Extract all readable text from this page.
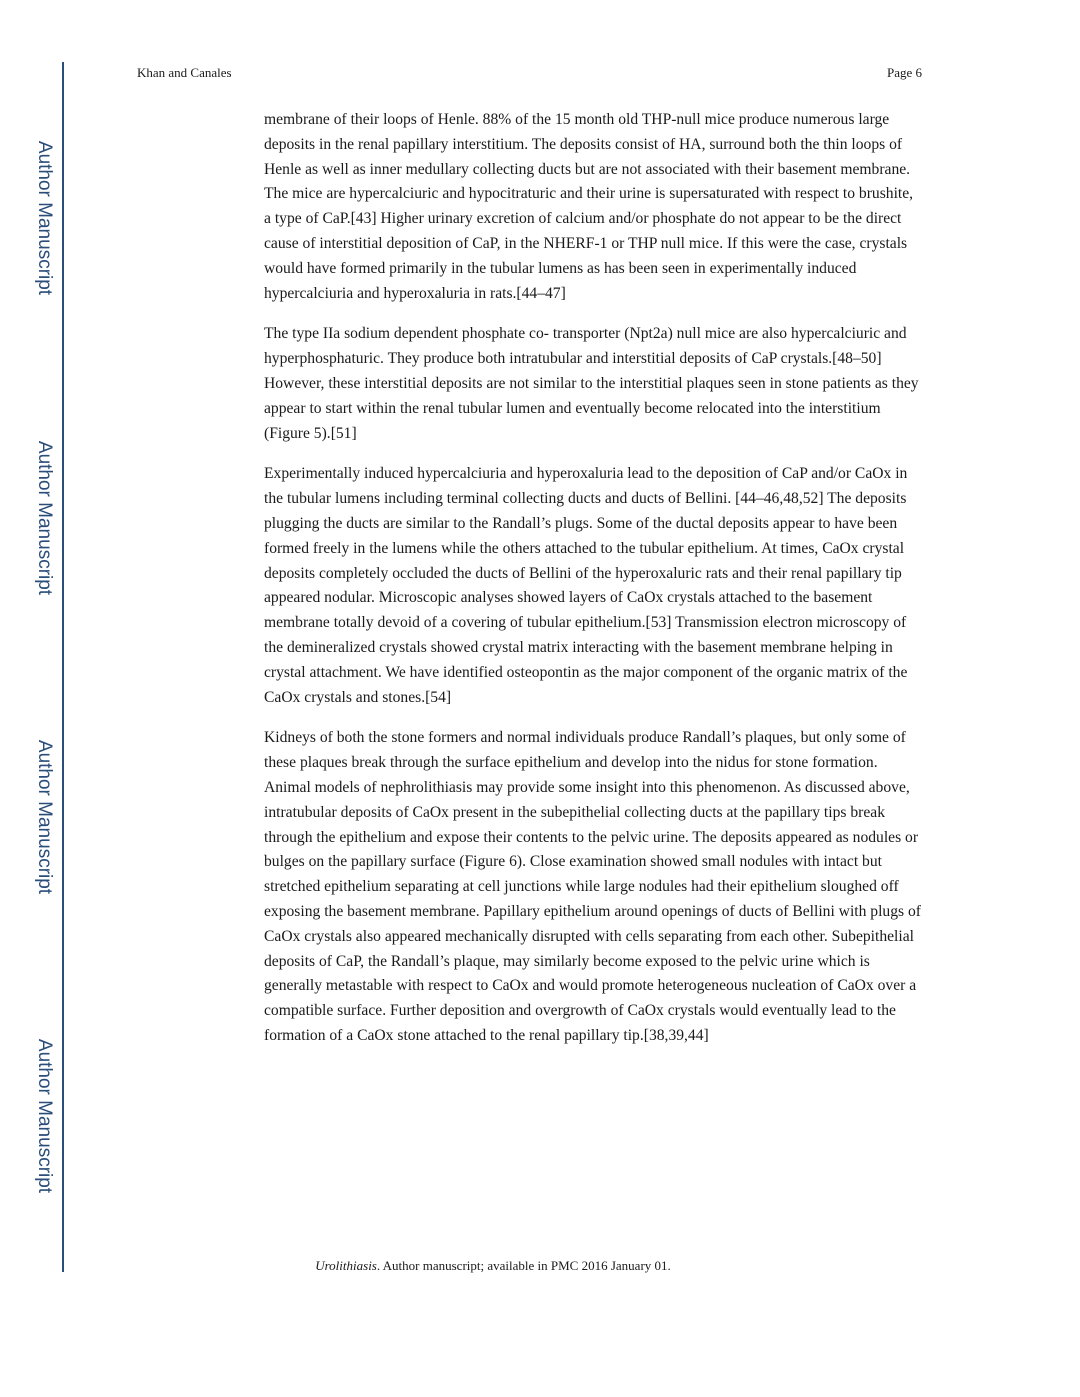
Author Manuscript
Author Manuscript
Author Manuscript
Author Manuscript
Khan and Canales	Page 6

membrane of their loops of Henle. 88% of the 15 month old THP-null mice produce numerous large deposits in the renal papillary interstitium. The deposits consist of HA, surround both the thin loops of Henle as well as inner medullary collecting ducts but are not associated with their basement membrane. The mice are hypercalciuric and hypocitraturic and their urine is supersaturated with respect to brushite, a type of CaP.[43] Higher urinary excretion of calcium and/or phosphate do not appear to be the direct cause of interstitial deposition of CaP, in the NHERF-1 or THP null mice. If this were the case, crystals would have formed primarily in the tubular lumens as has been seen in experimentally induced hypercalciuria and hyperoxaluria in rats.[44–47]

The type IIa sodium dependent phosphate co- transporter (Npt2a) null mice are also hypercalciuric and hyperphosphaturic. They produce both intratubular and interstitial deposits of CaP crystals.[48–50] However, these interstitial deposits are not similar to the interstitial plaques seen in stone patients as they appear to start within the renal tubular lumen and eventually become relocated into the interstitium (Figure 5).[51]

Experimentally induced hypercalciuria and hyperoxaluria lead to the deposition of CaP and/or CaOx in the tubular lumens including terminal collecting ducts and ducts of Bellini. [44–46,48,52] The deposits plugging the ducts are similar to the Randall’s plugs. Some of the ductal deposits appear to have been formed freely in the lumens while the others attached to the tubular epithelium. At times, CaOx crystal deposits completely occluded the ducts of Bellini of the hyperoxaluric rats and their renal papillary tip appeared nodular. Microscopic analyses showed layers of CaOx crystals attached to the basement membrane totally devoid of a covering of tubular epithelium.[53] Transmission electron microscopy of the demineralized crystals showed crystal matrix interacting with the basement membrane helping in crystal attachment. We have identified osteopontin as the major component of the organic matrix of the CaOx crystals and stones.[54]

Kidneys of both the stone formers and normal individuals produce Randall’s plaques, but only some of these plaques break through the surface epithelium and develop into the nidus for stone formation. Animal models of nephrolithiasis may provide some insight into this phenomenon. As discussed above, intratubular deposits of CaOx present in the subepithelial collecting ducts at the papillary tips break through the epithelium and expose their contents to the pelvic urine. The deposits appeared as nodules or bulges on the papillary surface (Figure 6). Close examination showed small nodules with intact but stretched epithelium separating at cell junctions while large nodules had their epithelium sloughed off exposing the basement membrane. Papillary epithelium around openings of ducts of Bellini with plugs of CaOx crystals also appeared mechanically disrupted with cells separating from each other. Subepithelial deposits of CaP, the Randall’s plaque, may similarly become exposed to the pelvic urine which is generally metastable with respect to CaOx and would promote heterogeneous nucleation of CaOx over a compatible surface. Further deposition and overgrowth of CaOx crystals would eventually lead to the formation of a CaOx stone attached to the renal papillary tip.[38,39,44]

Urolithiasis. Author manuscript; available in PMC 2016 January 01.
